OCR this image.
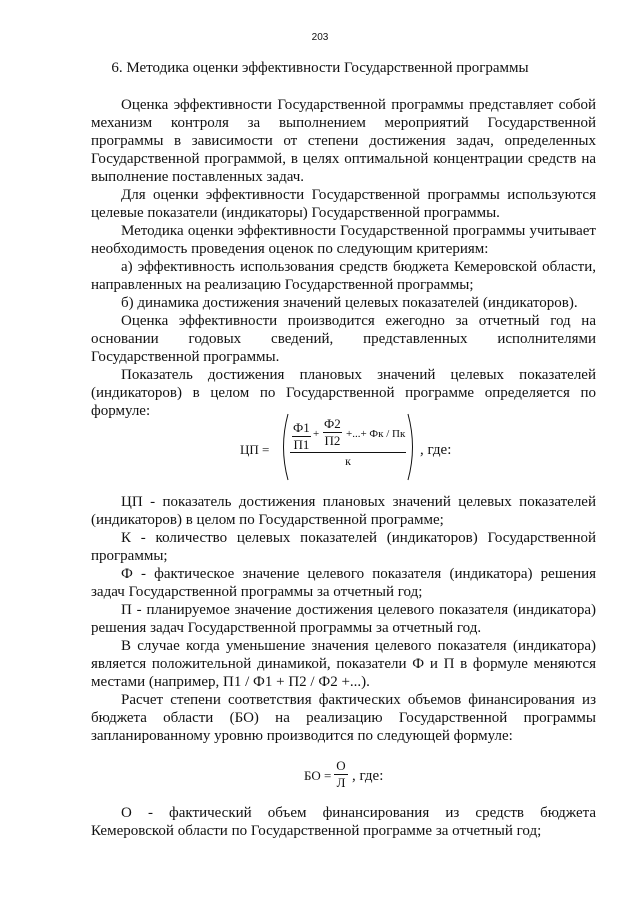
203
6. Методика оценки эффективности Государственной программы

Оценка эффективности Государственной программы представляет собой механизм контроля за выполнением мероприятий Государственной программы в зависимости от степени достижения задач, определенных Государственной программой, в целях оптимальной концентрации средств на выполнение поставленных задач.

Для оценки эффективности Государственной программы используются целевые показатели (индикаторы) Государственной программы.

Методика оценки эффективности Государственной программы учитывает необходимость проведения оценок по следующим критериям:

а) эффективность использования средств бюджета Кемеровской области, направленных на реализацию Государственной программы;

б) динамика достижения значений целевых показателей (индикаторов).

Оценка эффективности производится ежегодно за отчетный год на основании годовых сведений, представленных исполнителями Государственной программы.

Показатель достижения плановых значений целевых показателей (индикаторов) в целом по Государственной программе определяется по формуле:

ЦП =
Ф1
П1
+
Ф2
П2 +...+ Фк / Пк
к
, где:

ЦП - показатель достижения плановых значений целевых показателей (индикаторов) в целом по Государственной программе;

К - количество целевых показателей (индикаторов) Государственной программы;

Ф - фактическое значение целевого показателя (индикатора) решения задач Государственной программы за отчетный год;

П - планируемое значение достижения целевого показателя (индикатора) решения задач Государственной программы за отчетный год.

В случае когда уменьшение значения целевого показателя (индикатора) является положительной динамикой, показатели Ф и П в формуле меняются местами (например, П1 / Ф1 + П2 / Ф2 +...).

Расчет степени соответствия фактических объемов финансирования из бюджета области (БО) на реализацию Государственной программы запланированному уровню производится по следующей формуле:

БО =
О
Л , где:

О - фактический объем финансирования из средств бюджета Кемеровской области по Государственной программе за отчетный год;
